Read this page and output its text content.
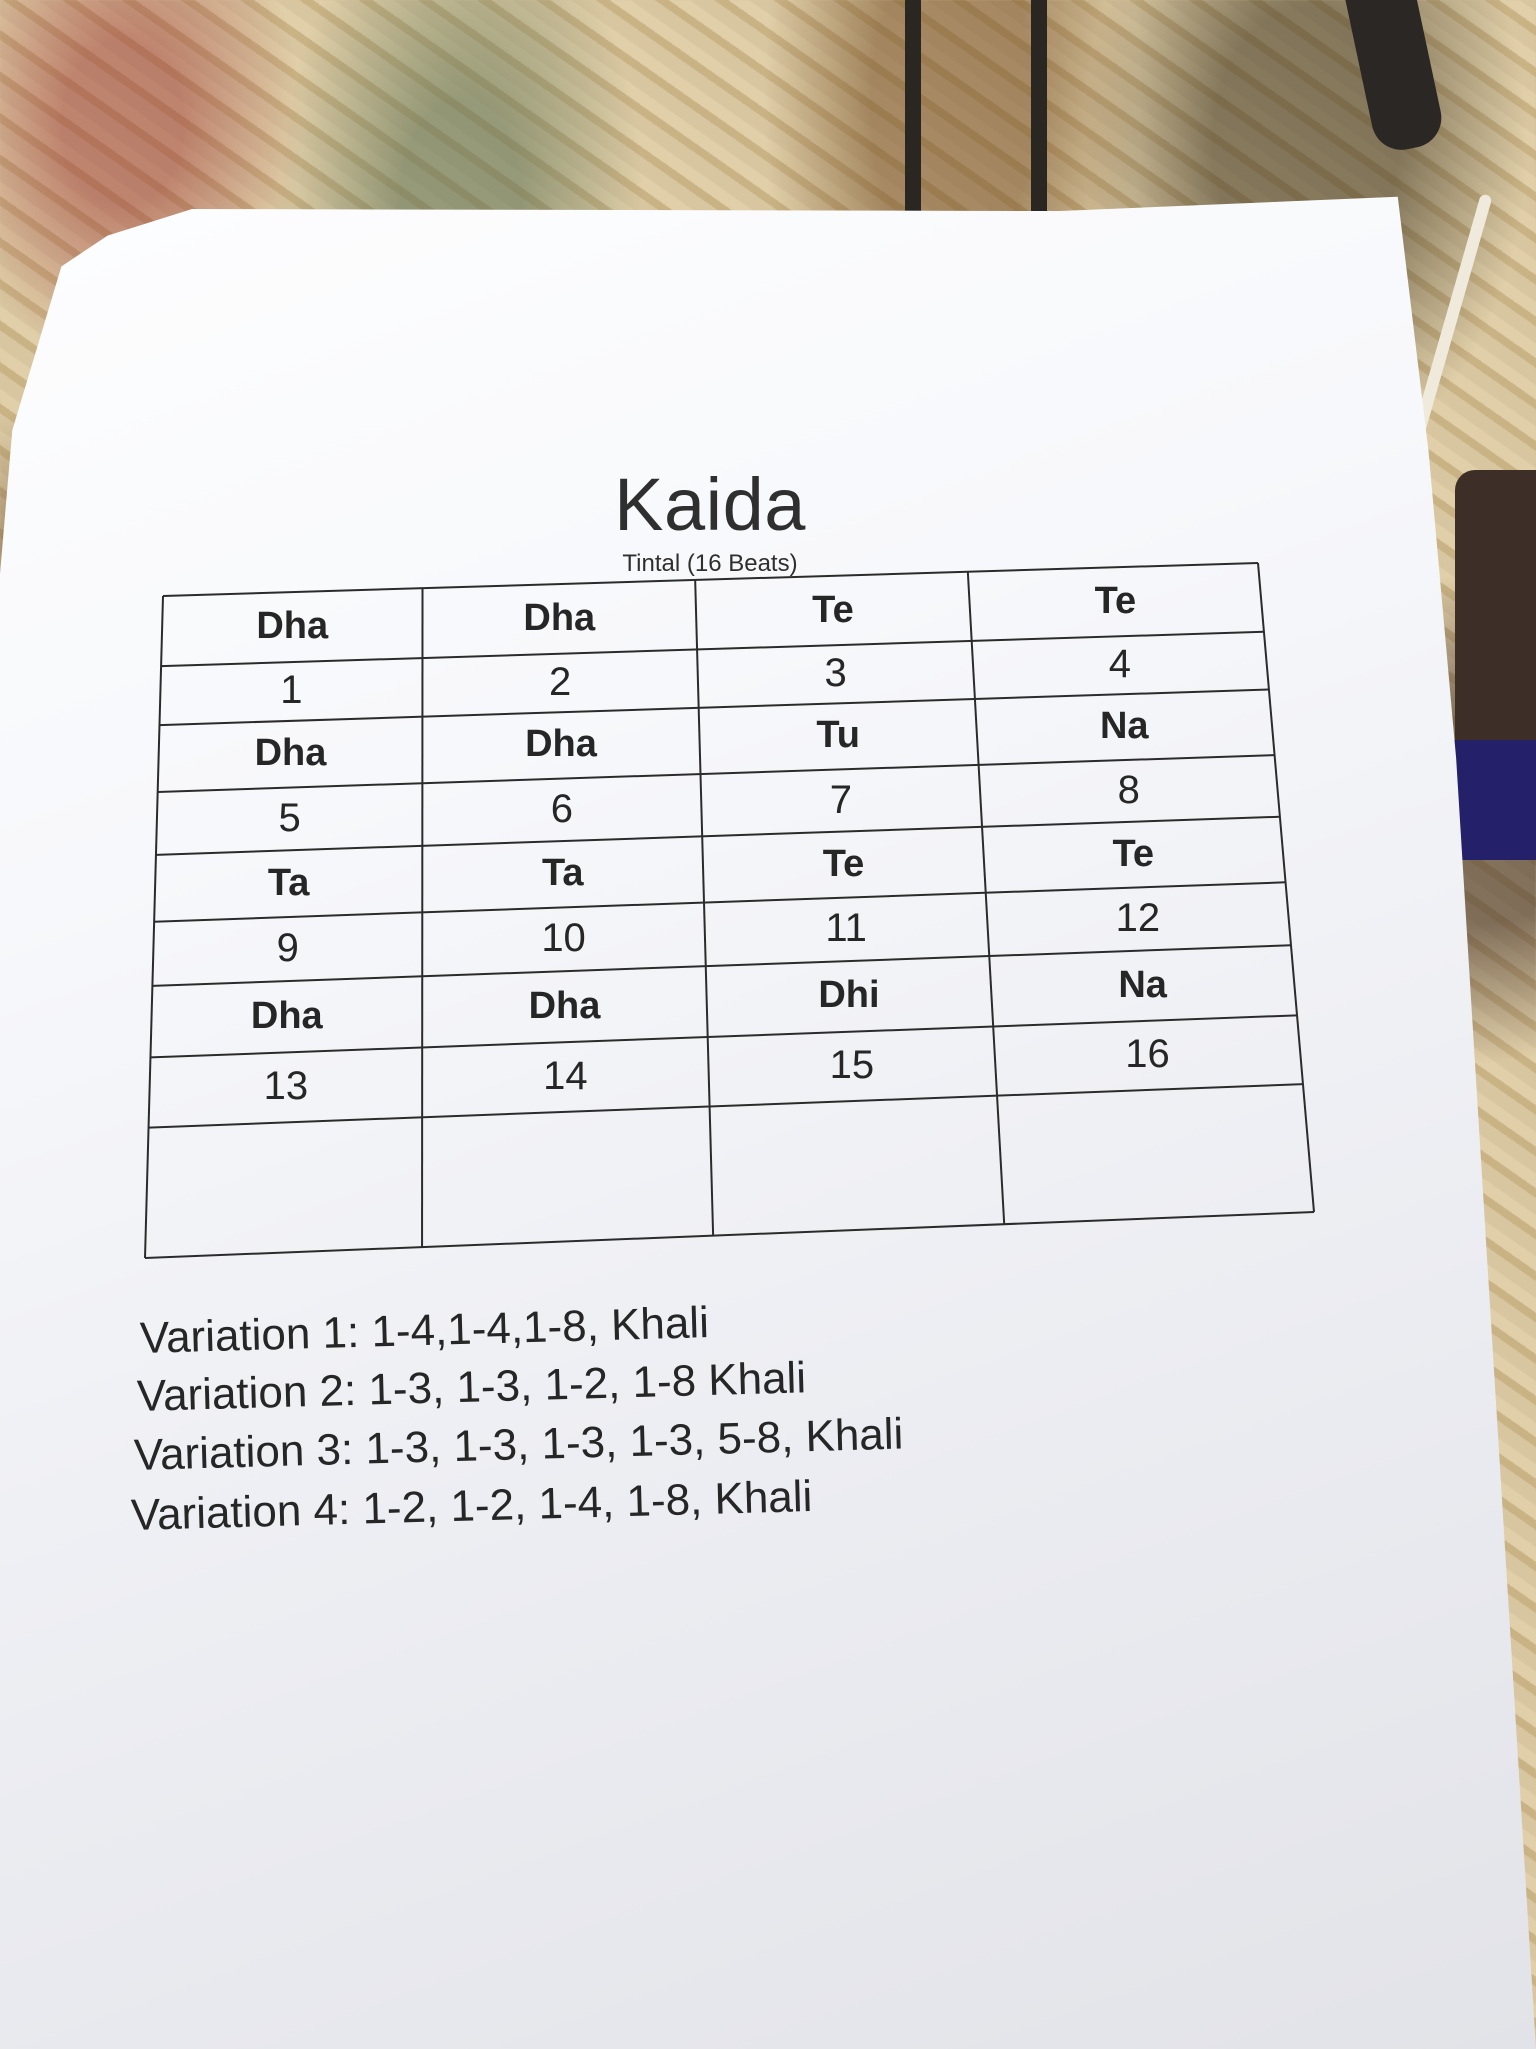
Kaida
Tintal (16 Beats)
Dha	Dha	Te	Te
1	2	3	4
Dha	Dha	Tu	Na
5	6	7	8
Ta	Ta	Te	Te
9	10	11	12
Dha	Dha	Dhi	Na
13	14	15	16
Variation 1: 1-4,1-4,1-8, Khali
Variation 2: 1-3, 1-3, 1-2, 1-8 Khali
Variation 3: 1-3, 1-3, 1-3, 1-3, 5-8, Khali
Variation 4: 1-2, 1-2, 1-4, 1-8, Khali
